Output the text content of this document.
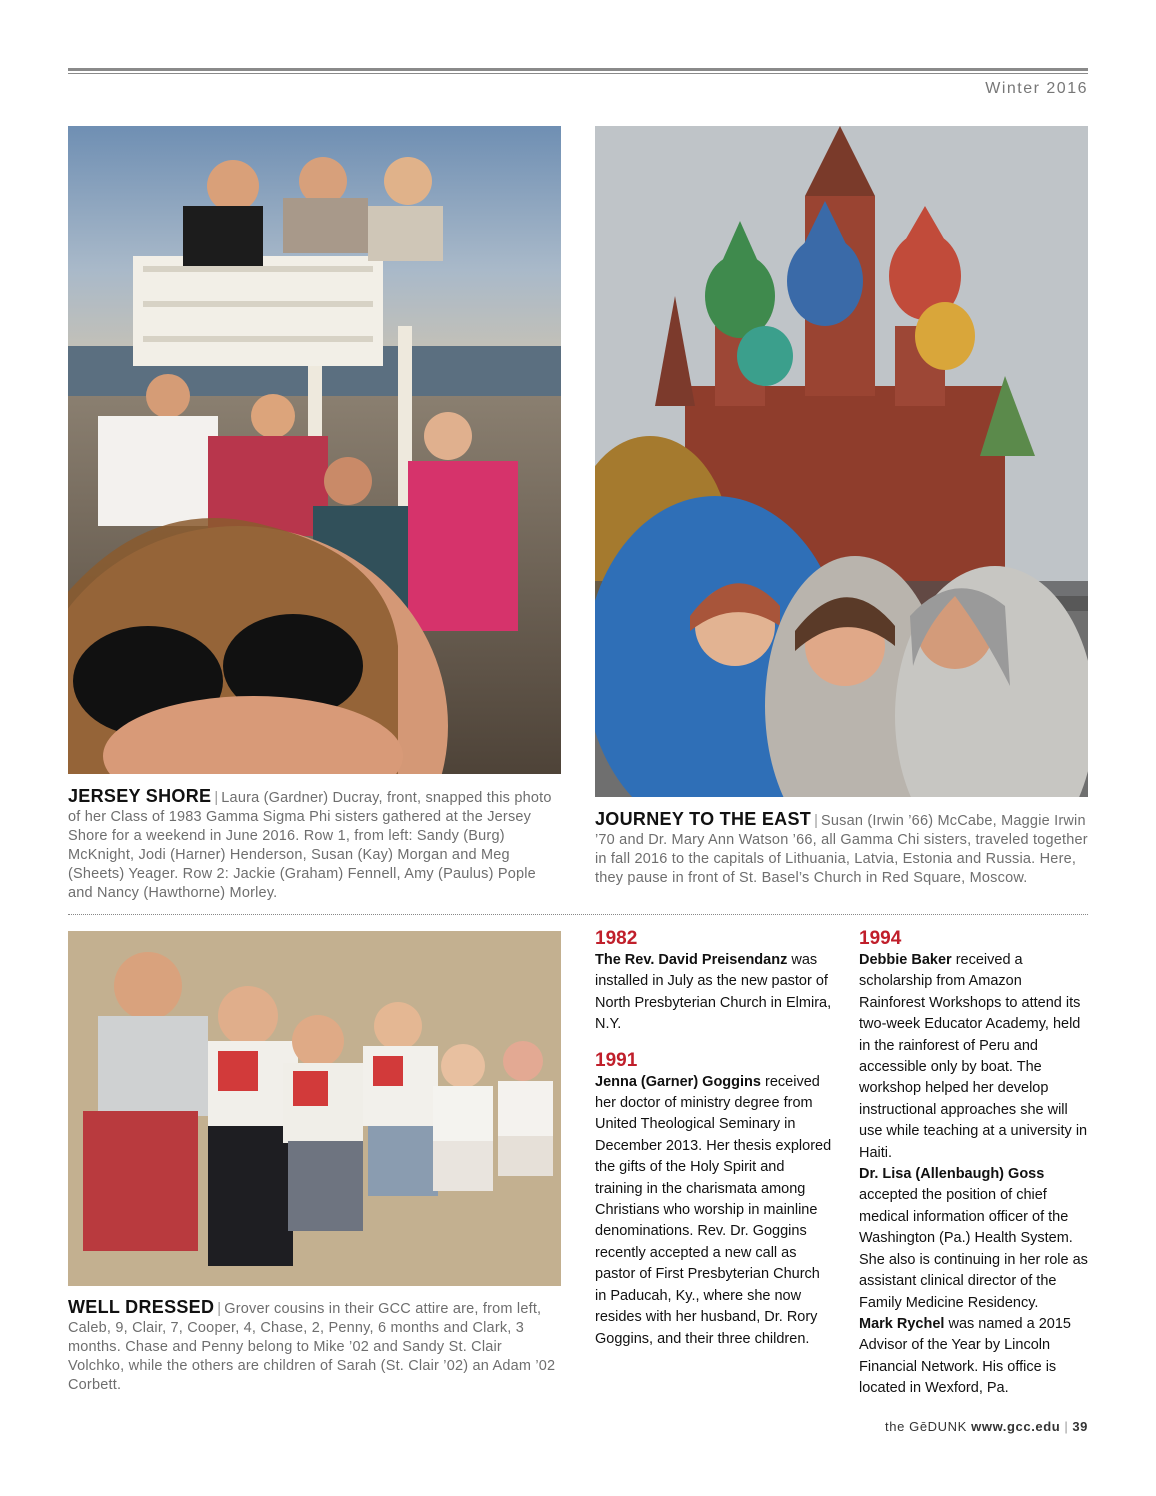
Winter 2016
JERSEY SHORE | Laura (Gardner) Ducray, front, snapped this photo of her Class of 1983 Gamma Sigma Phi sisters gathered at the Jersey Shore for a weekend in June 2016. Row 1, from left: Sandy (Burg) McKnight, Jodi (Harner) Henderson, Susan (Kay) Morgan and Meg (Sheets) Yeager. Row 2: Jackie (Graham) Fennell, Amy (Paulus) Pople and Nancy (Hawthorne) Morley.
JOURNEY TO THE EAST | Susan (Irwin ’66) McCabe, Maggie Irwin ’70 and Dr. Mary Ann Watson ’66, all Gamma Chi sisters, traveled together in fall 2016 to the capitals of Lithuania, Latvia, Estonia and Russia. Here, they pause in front of St. Basel’s Church in Red Square, Moscow.
WELL DRESSED | Grover cousins in their GCC attire are, from left, Caleb, 9, Clair, 7, Cooper, 4, Chase, 2, Penny, 6 months and Clark, 3 months. Chase and Penny belong to Mike ’02 and Sandy St. Clair Volchko, while the others are children of Sarah (St. Clair ’02) an Adam ’02 Corbett.
1982
The Rev. David Preisendanz was installed in July as the new pastor of North Presbyterian Church in Elmira, N.Y.
1991
Jenna (Garner) Goggins received her doctor of ministry degree from United Theological Seminary in December 2013. Her thesis explored the gifts of the Holy Spirit and training in the charismata among Christians who worship in mainline denominations. Rev. Dr. Goggins recently accepted a new call as pastor of First Presbyterian Church in Paducah, Ky., where she now resides with her husband, Dr. Rory Goggins, and their three children.
1994
Debbie Baker received a scholarship from Amazon Rainforest Workshops to attend its two-week Educator Academy, held in the rainforest of Peru and accessible only by boat. The workshop helped her develop instructional approaches she will use while teaching at a university in Haiti.
Dr. Lisa (Allenbaugh) Goss accepted the position of chief medical information officer of the Washington (Pa.) Health System. She also is continuing in her role as assistant clinical director of the Family Medicine Residency.
Mark Rychel was named a 2015 Advisor of the Year by Lincoln Financial Network. His office is located in Wexford, Pa.
the GēDUNK www.gcc.edu | 39
